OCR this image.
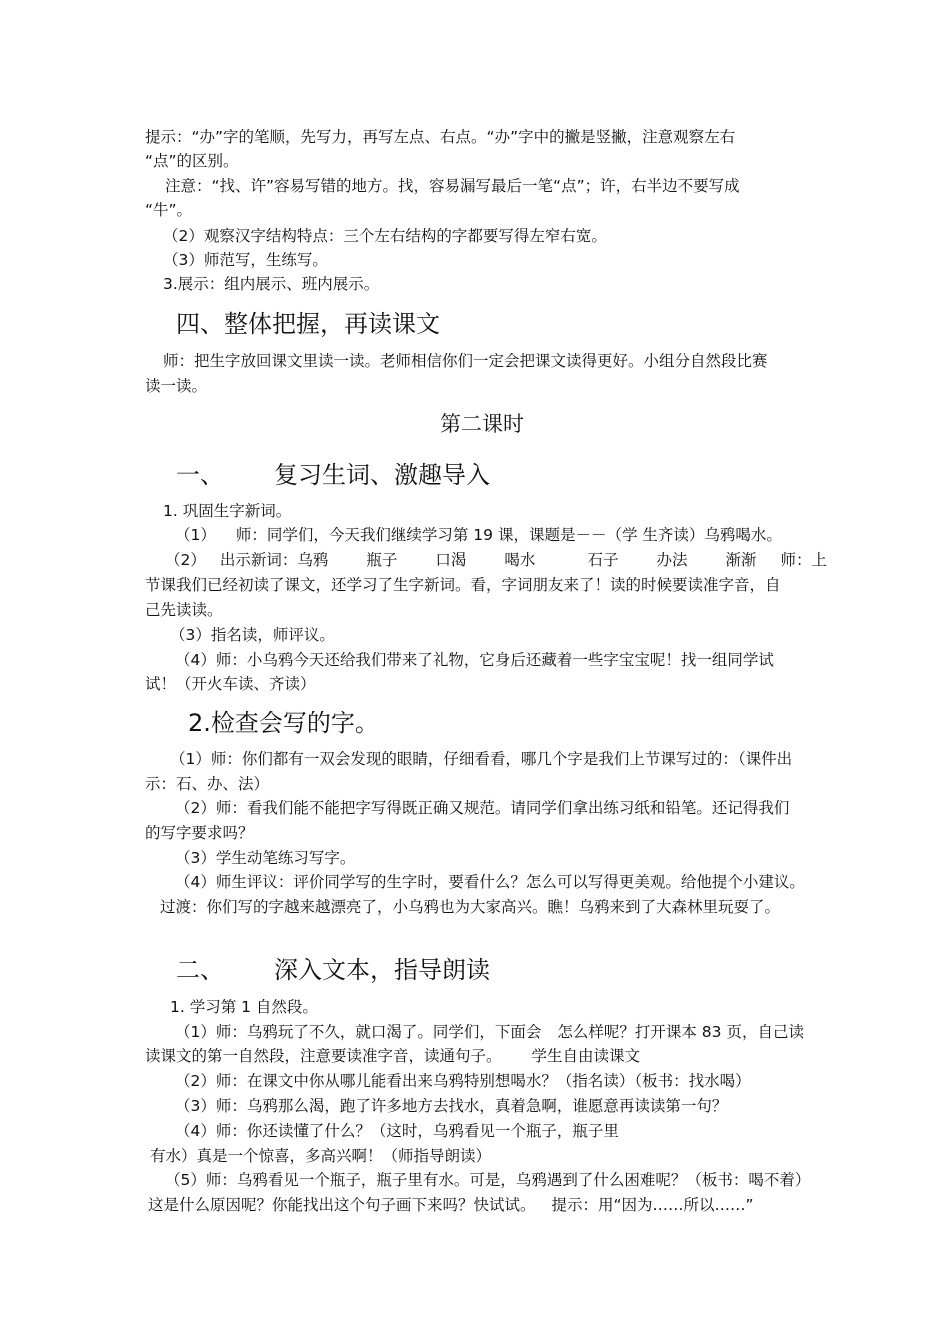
提示：“办”字的笔顺，先写力，再写左点、右点。“办”字中的撇是竖撇，注意观察左右
“点”的区别。
注意：“找、许”容易写错的地方。找，容易漏写最后一笔“点”；许，右半边不要写成
“牛”。
（2）观察汉字结构特点：三个左右结构的字都要写得左窄右宽。
（3）师范写，生练写。
3.展示：组内展示、班内展示。
四、整体把握，再读课文
师：把生字放回课文里读一读。老师相信你们一定会把课文读得更好。小组分自然段比赛
读一读。
第二课时
一、 复习生词、激趣导入
1. 巩固生字新词。
（1） 师：同学们，今天我们继续学习第 19 课，课题是－－（学 生齐读）乌鸦喝水。
（2） 出示新词：乌鸦 瓶子 口渴 喝水	石子 办法 渐渐 师：上
节课我们已经初读了课文，还学习了生字新词。看，字词朋友来了！读的时候要读准字音，自
己先读读。
（3）指名读，师评议。
（4）师：小乌鸦今天还给我们带来了礼物，它身后还藏着一些字宝宝呢！找一组同学试
试！（开火车读、齐读）
2.检查会写的字。
（1）师：你们都有一双会发现的眼睛，仔细看看，哪几个字是我们上节课写过的：（课件出
示：石、办、法）
（2）师：看我们能不能把字写得既正确又规范。请同学们拿出练习纸和铅笔。还记得我们
的写字要求吗？
（3）学生动笔练习写字。
（4）师生评议：评价同学写的生字时，要看什么？怎么可以写得更美观。给他提个小建议。
过渡：你们写的字越来越漂亮了，小乌鸦也为大家高兴。瞧！乌鸦来到了大森林里玩耍了。
二、 深入文本，指导朗读
1. 学习第 1 自然段。
（1）师：乌鸦玩了不久，就口渴了。同学们，下面会 怎么样呢？打开课本 83 页，自己读
读课文的第一自然段，注意要读准字音，读通句子。 学生自由读课文
（2）师：在课文中你从哪儿能看出来乌鸦特别想喝水？（指名读）（板书：找水喝）
（3）师：乌鸦那么渴，跑了许多地方去找水，真着急啊，谁愿意再读读第一句？
（4）师：你还读懂了什么？（这时，乌鸦看见一个瓶子，瓶子里
有水）真是一个惊喜，多高兴啊！（师指导朗读）
（5）师：乌鸦看见一个瓶子，瓶子里有水。可是，乌鸦遇到了什么困难呢？（板书：喝不着）
这是什么原因呢？你能找出这个句子画下来吗？快试试。 提示：用“因为……所以……”
